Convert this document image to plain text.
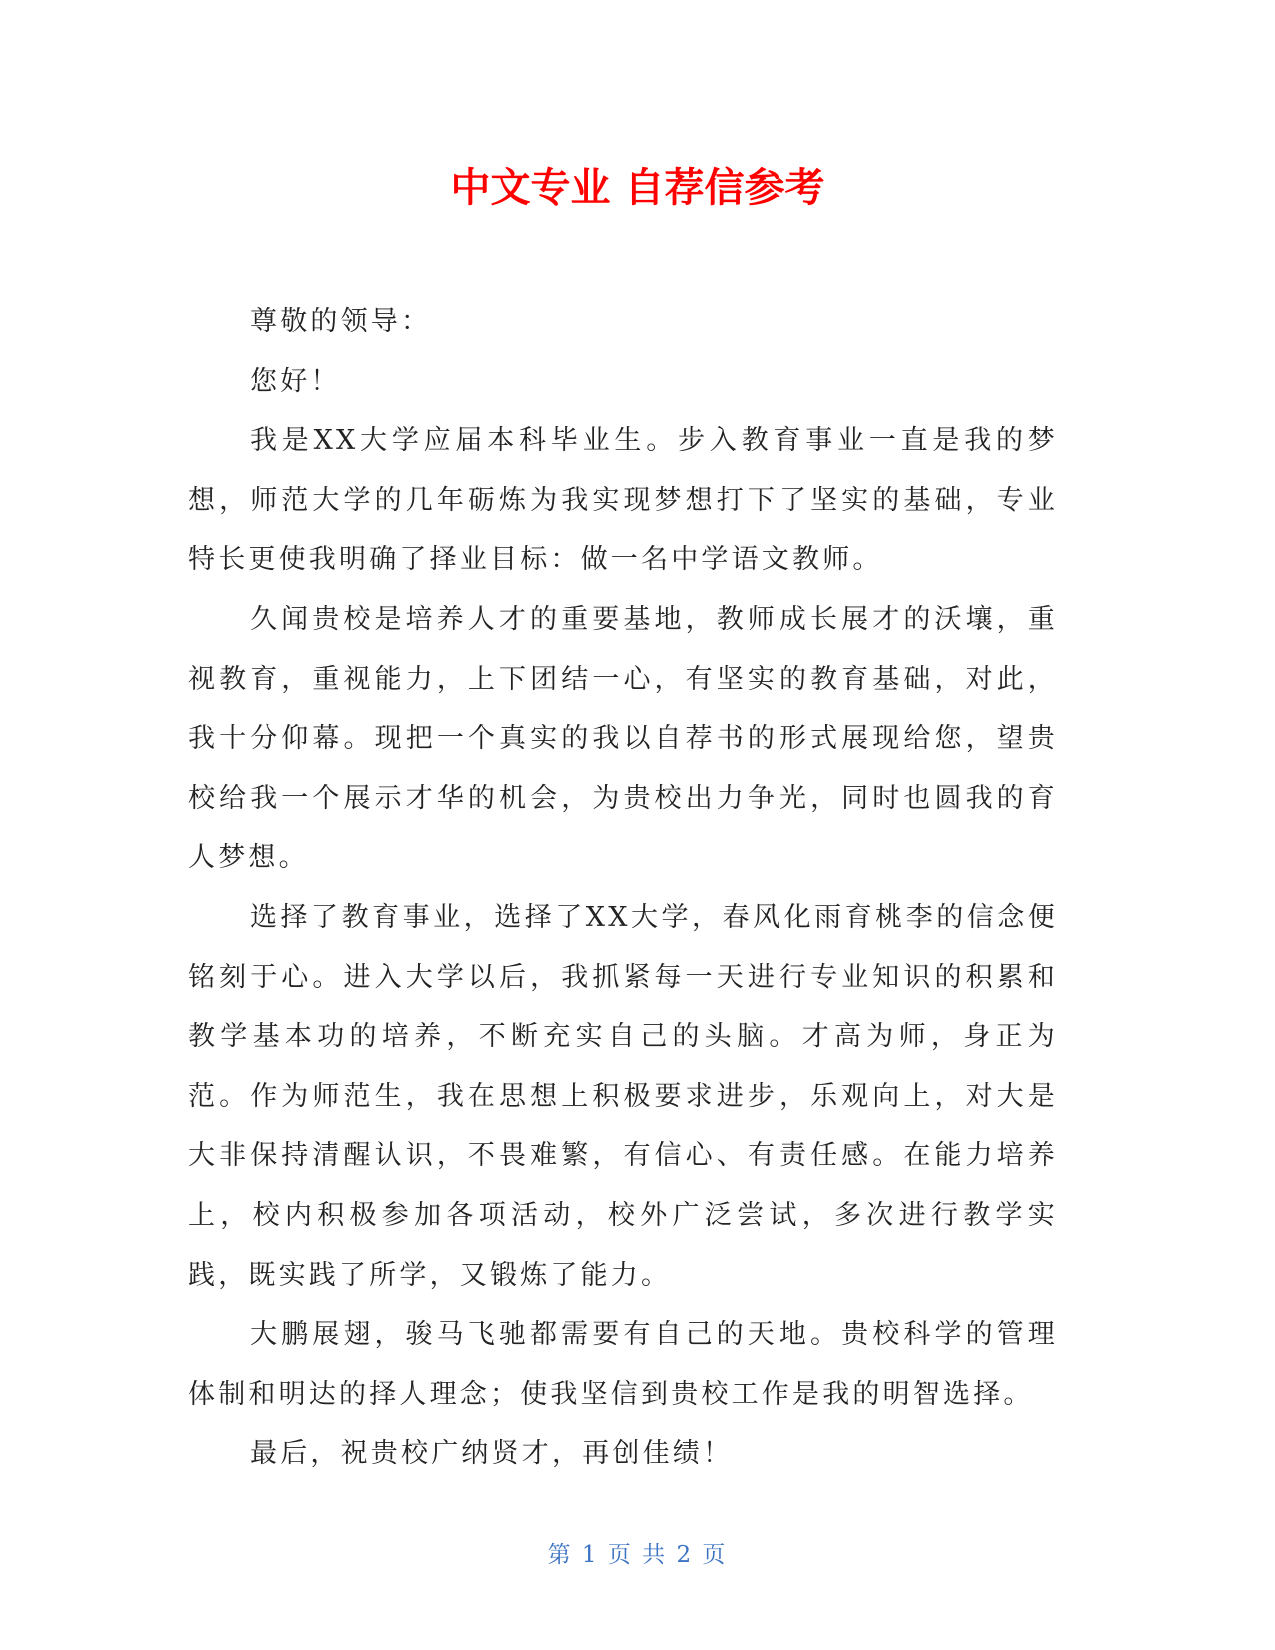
中文专业 自荐信参考

尊敬的领导：

您好！

我是XX大学应届本科毕业生。步入教育事业一直是我的梦想，师范大学的几年砺炼为我实现梦想打下了坚实的基础，专业特长更使我明确了择业目标：做一名中学语文教师。

久闻贵校是培养人才的重要基地，教师成长展才的沃壤，重视教育，重视能力，上下团结一心，有坚实的教育基础，对此，我十分仰幕。现把一个真实的我以自荐书的形式展现给您，望贵校给我一个展示才华的机会，为贵校出力争光，同时也圆我的育人梦想。

选择了教育事业，选择了XX大学，春风化雨育桃李的信念便铭刻于心。进入大学以后，我抓紧每一天进行专业知识的积累和教学基本功的培养，不断充实自己的头脑。才高为师，身正为范。作为师范生，我在思想上积极要求进步，乐观向上，对大是大非保持清醒认识，不畏难繁，有信心、有责任感。在能力培养上，校内积极参加各项活动，校外广泛尝试，多次进行教学实践，既实践了所学，又锻炼了能力。

大鹏展翅，骏马飞驰都需要有自己的天地。贵校科学的管理体制和明达的择人理念；使我坚信到贵校工作是我的明智选择。

最后，祝贵校广纳贤才，再创佳绩！

第 1 页 共 2 页
